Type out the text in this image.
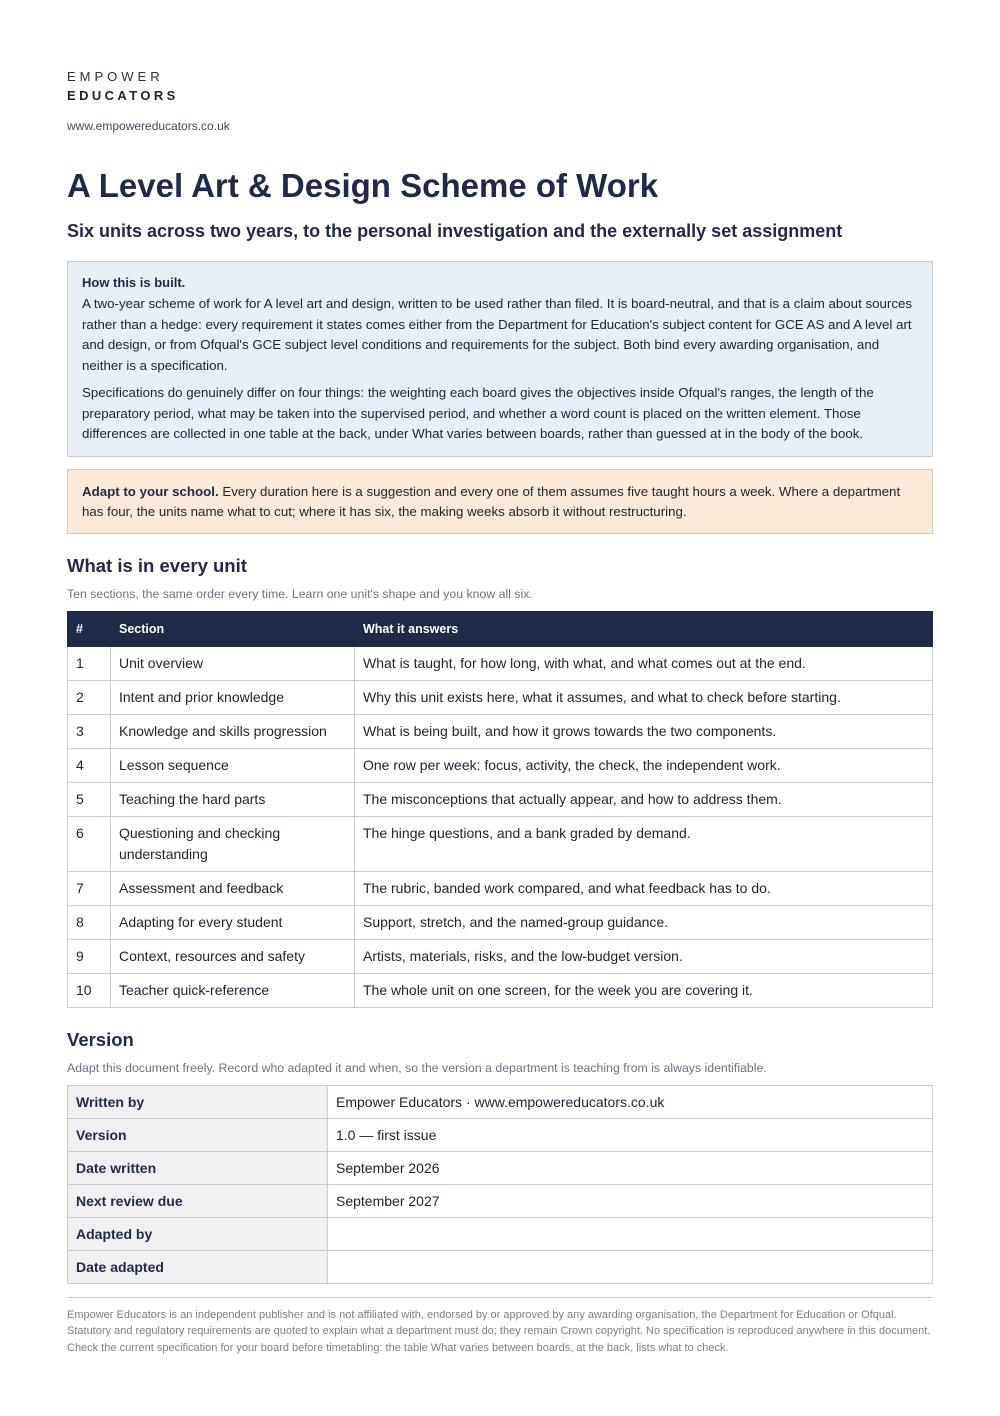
EMPOWER
EDUCATORS
www.empowereducators.co.uk
A Level Art & Design Scheme of Work
Six units across two years, to the personal investigation and the externally set assignment
How this is built.

A two-year scheme of work for A level art and design, written to be used rather than filed. It is board-neutral, and that is a claim about sources rather than a hedge: every requirement it states comes either from the Department for Education's subject content for GCE AS and A level art and design, or from Ofqual's GCE subject level conditions and requirements for the subject. Both bind every awarding organisation, and neither is a specification.

Specifications do genuinely differ on four things: the weighting each board gives the objectives inside Ofqual's ranges, the length of the preparatory period, what may be taken into the supervised period, and whether a word count is placed on the written element. Those differences are collected in one table at the back, under What varies between boards, rather than guessed at in the body of the book.

Adapt to your school. Every duration here is a suggestion and every one of them assumes five taught hours a week. Where a department has four, the units name what to cut; where it has six, the making weeks absorb it without restructuring.
What is in every unit
Ten sections, the same order every time. Learn one unit's shape and you know all six.
#	Section	What it answers
1	Unit overview	What is taught, for how long, with what, and what comes out at the end.
2	Intent and prior knowledge	Why this unit exists here, what it assumes, and what to check before starting.
3	Knowledge and skills progression	What is being built, and how it grows towards the two components.
4	Lesson sequence	One row per week: focus, activity, the check, the independent work.
5	Teaching the hard parts	The misconceptions that actually appear, and how to address them.
6	Questioning and checking understanding	The hinge questions, and a bank graded by demand.
7	Assessment and feedback	The rubric, banded work compared, and what feedback has to do.
8	Adapting for every student	Support, stretch, and the named-group guidance.
9	Context, resources and safety	Artists, materials, risks, and the low-budget version.
10	Teacher quick-reference	The whole unit on one screen, for the week you are covering it.
Version
Adapt this document freely. Record who adapted it and when, so the version a department is teaching from is always identifiable.
Written by	Empower Educators · www.empowereducators.co.uk
Version	1.0 — first issue
Date written	September 2026
Next review due	September 2027
Adapted by	
Date adapted	
Empower Educators is an independent publisher and is not affiliated with, endorsed by or approved by any awarding organisation, the Department for Education or Ofqual. Statutory and regulatory requirements are quoted to explain what a department must do; they remain Crown copyright. No specification is reproduced anywhere in this document. Check the current specification for your board before timetabling: the table What varies between boards, at the back, lists what to check.
